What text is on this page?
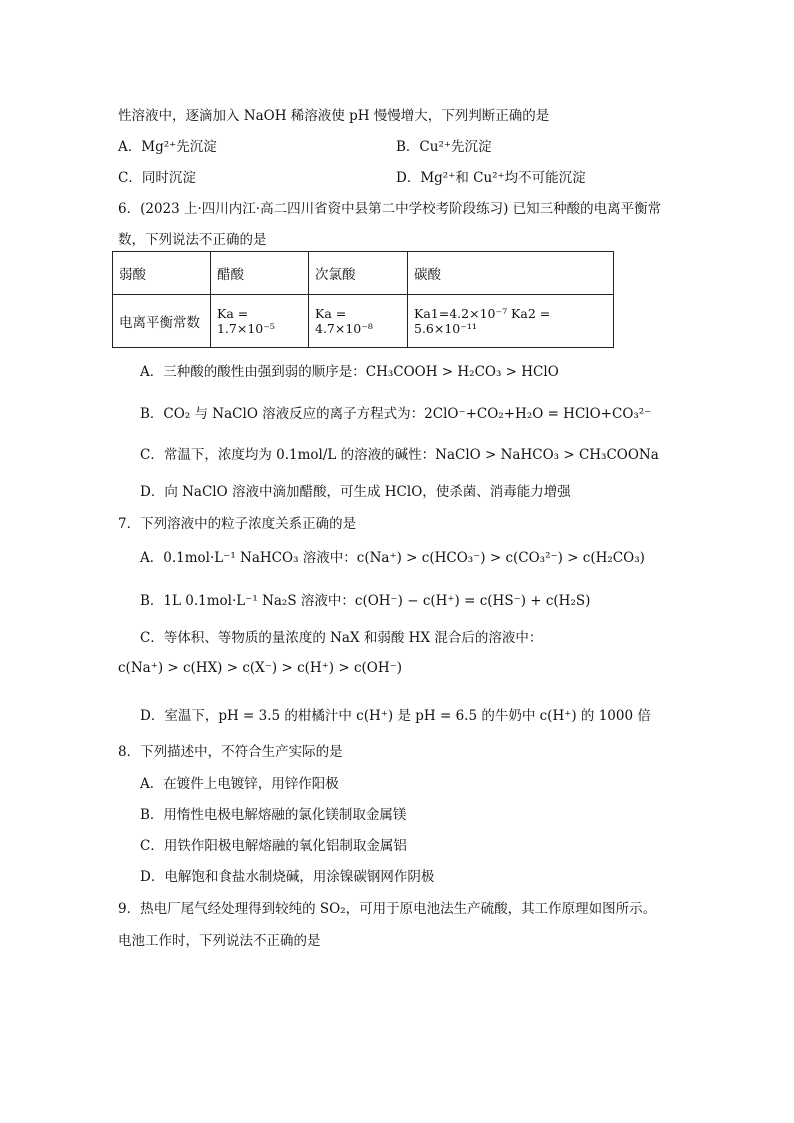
性溶液中，逐滴加入 NaOH 稀溶液使 pH 慢慢增大，下列判断正确的是
A．Mg²⁺先沉淀	B．Cu²⁺先沉淀
C．同时沉淀	D．Mg²⁺和 Cu²⁺均不可能沉淀
6．(2023 上·四川内江·高二四川省资中县第二中学校考阶段练习) 已知三种酸的电离平衡常
数，下列说法不正确的是
弱酸	醋酸	次氯酸	碳酸
电离平衡常数	Ka = 1.7×10⁻⁵	Ka = 4.7×10⁻⁸	Ka1=4.2×10⁻⁷ Ka2 = 5.6×10⁻¹¹
A．三种酸的酸性由强到弱的顺序是：CH₃COOH > H₂CO₃ > HClO
B．CO₂ 与 NaClO 溶液反应的离子方程式为：2ClO⁻+CO₂+H₂O = HClO+CO₃²⁻
C．常温下，浓度均为 0.1mol/L 的溶液的碱性：NaClO > NaHCO₃ > CH₃COONa
D．向 NaClO 溶液中滴加醋酸，可生成 HClO，使杀菌、消毒能力增强
7．下列溶液中的粒子浓度关系正确的是
A．0.1mol·L⁻¹ NaHCO₃ 溶液中：c(Na⁺) > c(HCO₃⁻) > c(CO₃²⁻) > c(H₂CO₃)
B．1L 0.1mol·L⁻¹ Na₂S 溶液中：c(OH⁻) − c(H⁺) = c(HS⁻) + c(H₂S)
C．等体积、等物质的量浓度的 NaX 和弱酸 HX 混合后的溶液中：
c(Na⁺) > c(HX) > c(X⁻) > c(H⁺) > c(OH⁻)
D．室温下，pH = 3.5 的柑橘汁中 c(H⁺) 是 pH = 6.5 的牛奶中 c(H⁺) 的 1000 倍
8．下列描述中，不符合生产实际的是
A．在镀件上电镀锌，用锌作阳极
B．用惰性电极电解熔融的氯化镁制取金属镁
C．用铁作阳极电解熔融的氧化铝制取金属铝
D．电解饱和食盐水制烧碱，用涂镍碳钢网作阴极
9．热电厂尾气经处理得到较纯的 SO₂，可用于原电池法生产硫酸，其工作原理如图所示。
电池工作时，下列说法不正确的是
